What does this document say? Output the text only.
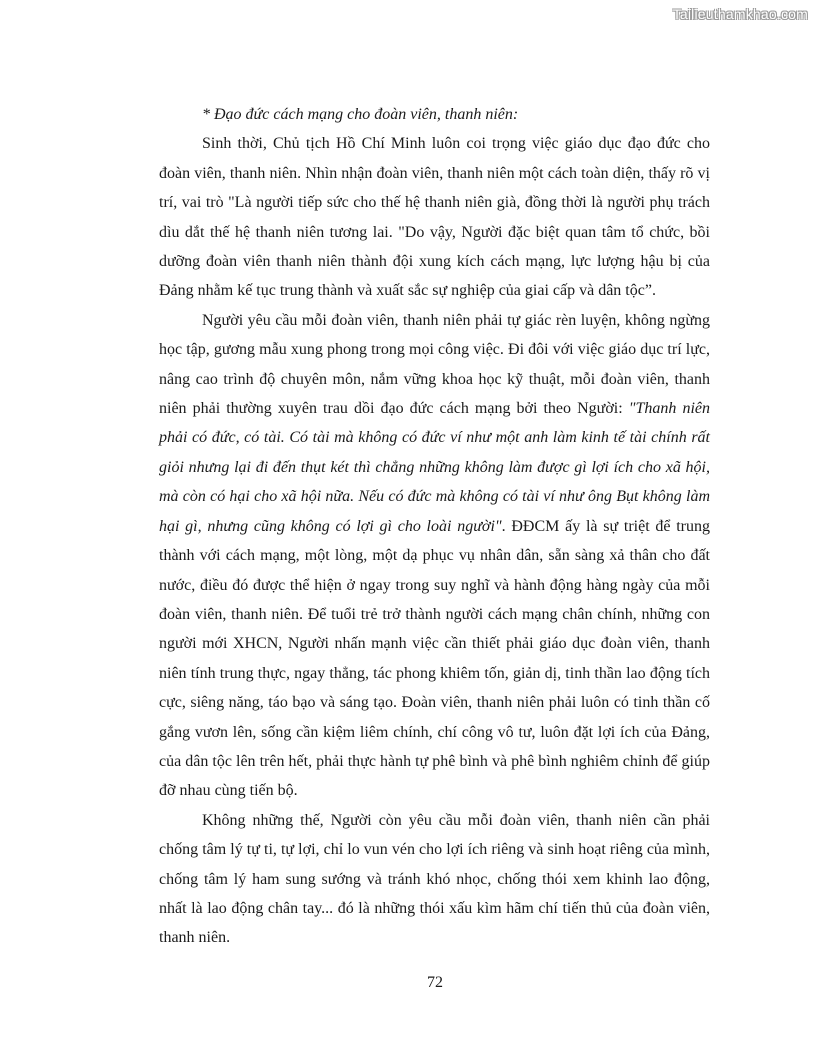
Tailieuthamkhao.com

* Đạo đức cách mạng cho đoàn viên, thanh niên:

Sinh thời, Chủ tịch Hồ Chí Minh luôn coi trọng việc giáo dục đạo đức cho đoàn viên, thanh niên. Nhìn nhận đoàn viên, thanh niên một cách toàn diện, thấy rõ vị trí, vai trò "Là người tiếp sức cho thế hệ thanh niên già, đồng thời là người phụ trách dìu dắt thế hệ thanh niên tương lai. "Do vậy, Người đặc biệt quan tâm tổ chức, bồi dưỡng đoàn viên thanh niên thành đội xung kích cách mạng, lực lượng hậu bị của Đảng nhằm kế tục trung thành và xuất sắc sự nghiệp của giai cấp và dân tộc”.

Người yêu cầu mỗi đoàn viên, thanh niên phải tự giác rèn luyện, không ngừng học tập, gương mẫu xung phong trong mọi công việc. Đi đôi với việc giáo dục trí lực, nâng cao trình độ chuyên môn, nắm vững khoa học kỹ thuật, mỗi đoàn viên, thanh niên phải thường xuyên trau dồi đạo đức cách mạng bởi theo Người: "Thanh niên phải có đức, có tài. Có tài mà không có đức ví như một anh làm kinh tế tài chính rất giỏi nhưng lại đi đến thụt két thì chẳng những không làm được gì lợi ích cho xã hội, mà còn có hại cho xã hội nữa. Nếu có đức mà không có tài ví như ông Bụt không làm hại gì, nhưng cũng không có lợi gì cho loài người". ĐĐCM ấy là sự triệt để trung thành với cách mạng, một lòng, một dạ phục vụ nhân dân, sẵn sàng xả thân cho đất nước, điều đó được thể hiện ở ngay trong suy nghĩ và hành động hàng ngày của mỗi đoàn viên, thanh niên. Để tuổi trẻ trở thành người cách mạng chân chính, những con người mới XHCN, Người nhấn mạnh việc cần thiết phải giáo dục đoàn viên, thanh niên tính trung thực, ngay thẳng, tác phong khiêm tốn, giản dị, tinh thần lao động tích cực, siêng năng, táo bạo và sáng tạo. Đoàn viên, thanh niên phải luôn có tinh thần cố gắng vươn lên, sống cần kiệm liêm chính, chí công vô tư, luôn đặt lợi ích của Đảng, của dân tộc lên trên hết, phải thực hành tự phê bình và phê bình nghiêm chỉnh để giúp đỡ nhau cùng tiến bộ.

Không những thế, Người còn yêu cầu mỗi đoàn viên, thanh niên cần phải chống tâm lý tự ti, tự lợi, chỉ lo vun vén cho lợi ích riêng và sinh hoạt riêng của mình, chống tâm lý ham sung sướng và tránh khó nhọc, chống thói xem khinh lao động, nhất là lao động chân tay... đó là những thói xấu kìm hãm chí tiến thủ của đoàn viên, thanh niên.

72
